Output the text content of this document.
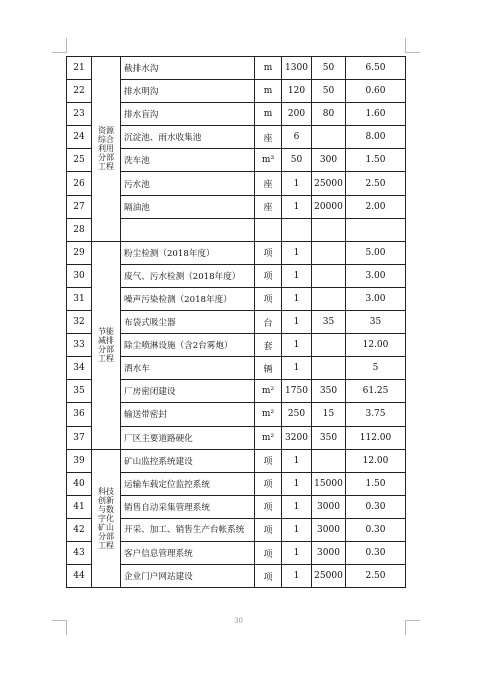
21	资源综合利用分部工程	截排水沟	m	1300	50	6.50
22		排水明沟	m	120	50	0.60
23		排水盲沟	m	200	80	1.60
24		沉淀池、雨水收集池	座	6		8.00
25		洗车池	m³	50	300	1.50
26		污水池	座	1	25000	2.50
27		隔油池	座	1	20000	2.00
28						
29	节能减排分部工程	粉尘检测（2018年度）	项	1		5.00
30		废气、污水检测（2018年度）	项	1		3.00
31		噪声污染检测（2018年度）	项	1		3.00
32		布袋式吸尘器	台	1	35	35
33		除尘喷淋设施（含2台雾炮）	套	1		12.00
34		洒水车	辆	1		5
35		厂房密闭建设	m²	1750	350	61.25
36		输送带密封	m²	250	15	3.75
37		厂区主要道路硬化	m²	3200	350	112.00
39	科技创新与数字化矿山分部工程	矿山监控系统建设	项	1		12.00
40		运输车载定位监控系统	项	1	15000	1.50
41		销售自动采集管理系统	项	1	3000	0.30
42		开采、加工、销售生产台帐系统	项	1	3000	0.30
43		客户信息管理系统	项	1	3000	0.30
44		企业门户网站建设	项	1	25000	2.50
30
